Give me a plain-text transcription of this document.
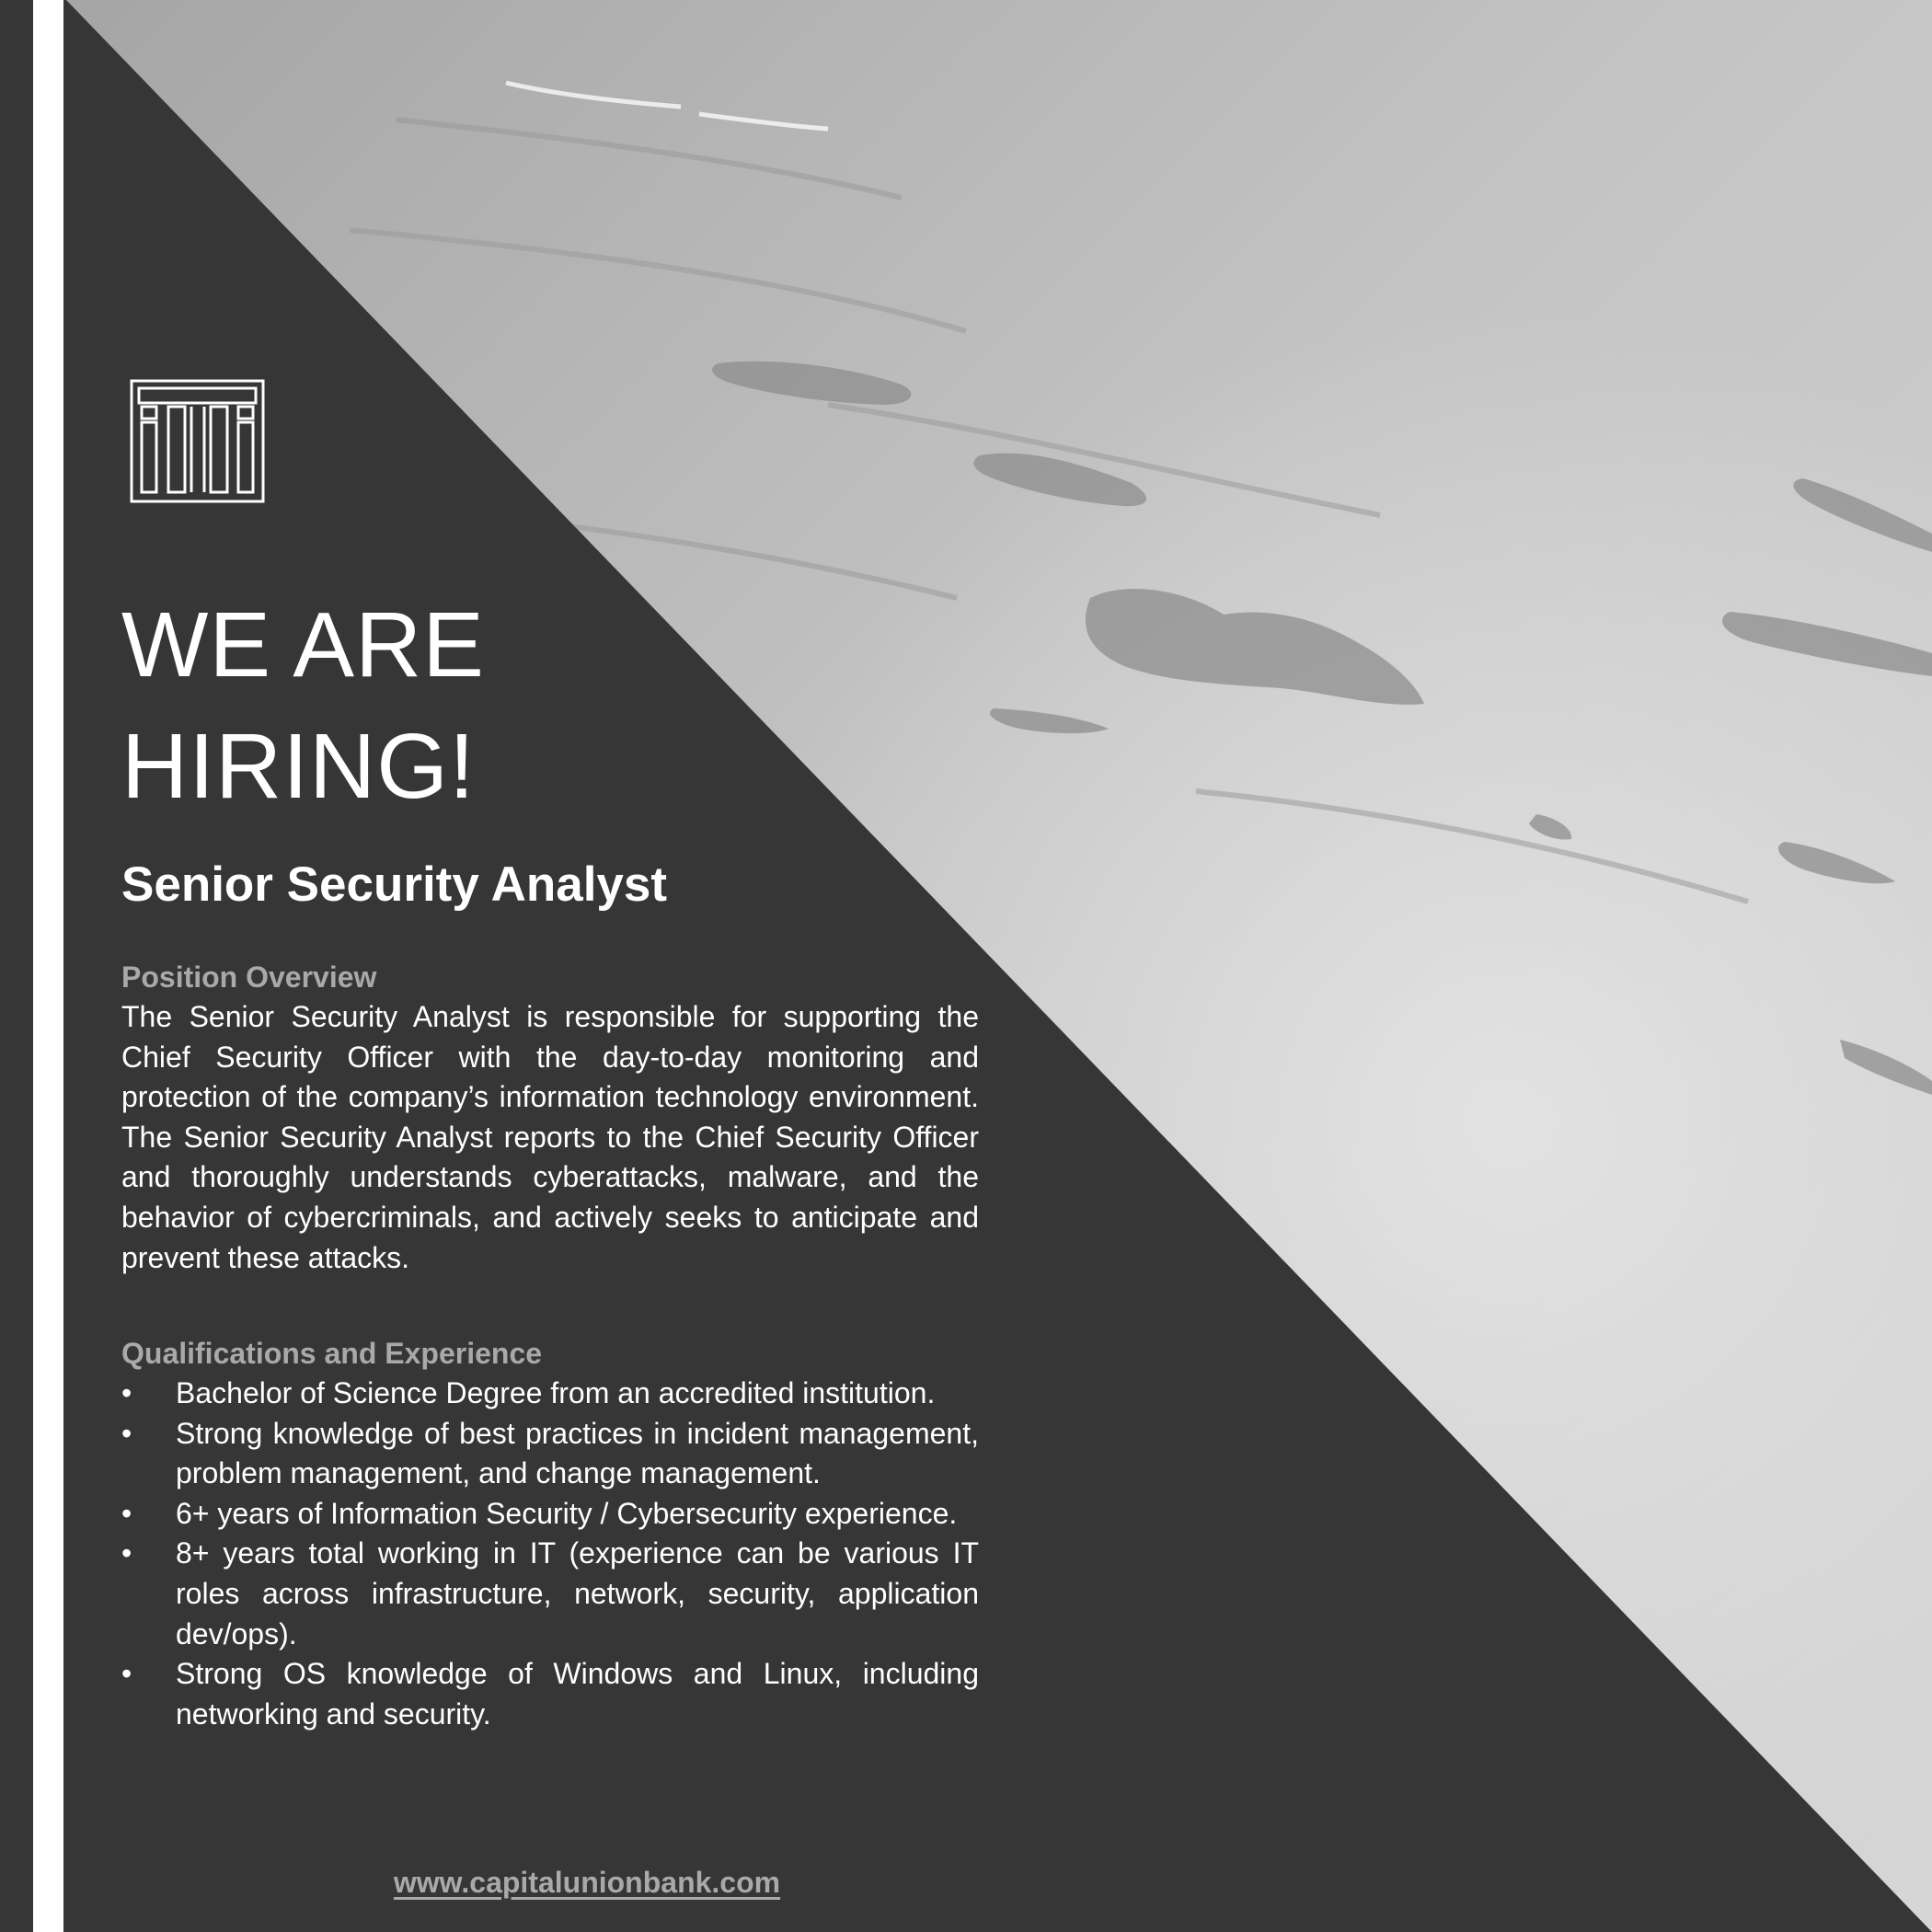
WE ARE
HIRING!
Senior Security Analyst
Position Overview

The Senior Security Analyst is responsible for supporting the Chief Security Officer with the day-to-day monitoring and protection of the company’s information technology environment. The Senior Security Analyst reports to the Chief Security Officer and thoroughly understands cyberattacks, malware, and the behavior of cybercriminals, and actively seeks to anticipate and prevent these attacks.

Qualifications and Experience
• Bachelor of Science Degree from an accredited institution.
• Strong knowledge of best practices in incident management, problem management, and change management.
• 6+ years of Information Security / Cybersecurity experience.
• 8+ years total working in IT (experience can be various IT roles across infrastructure, network, security, application dev/ops).
• Strong OS knowledge of Windows and Linux, including networking and security.
www.capitalunionbank.com
